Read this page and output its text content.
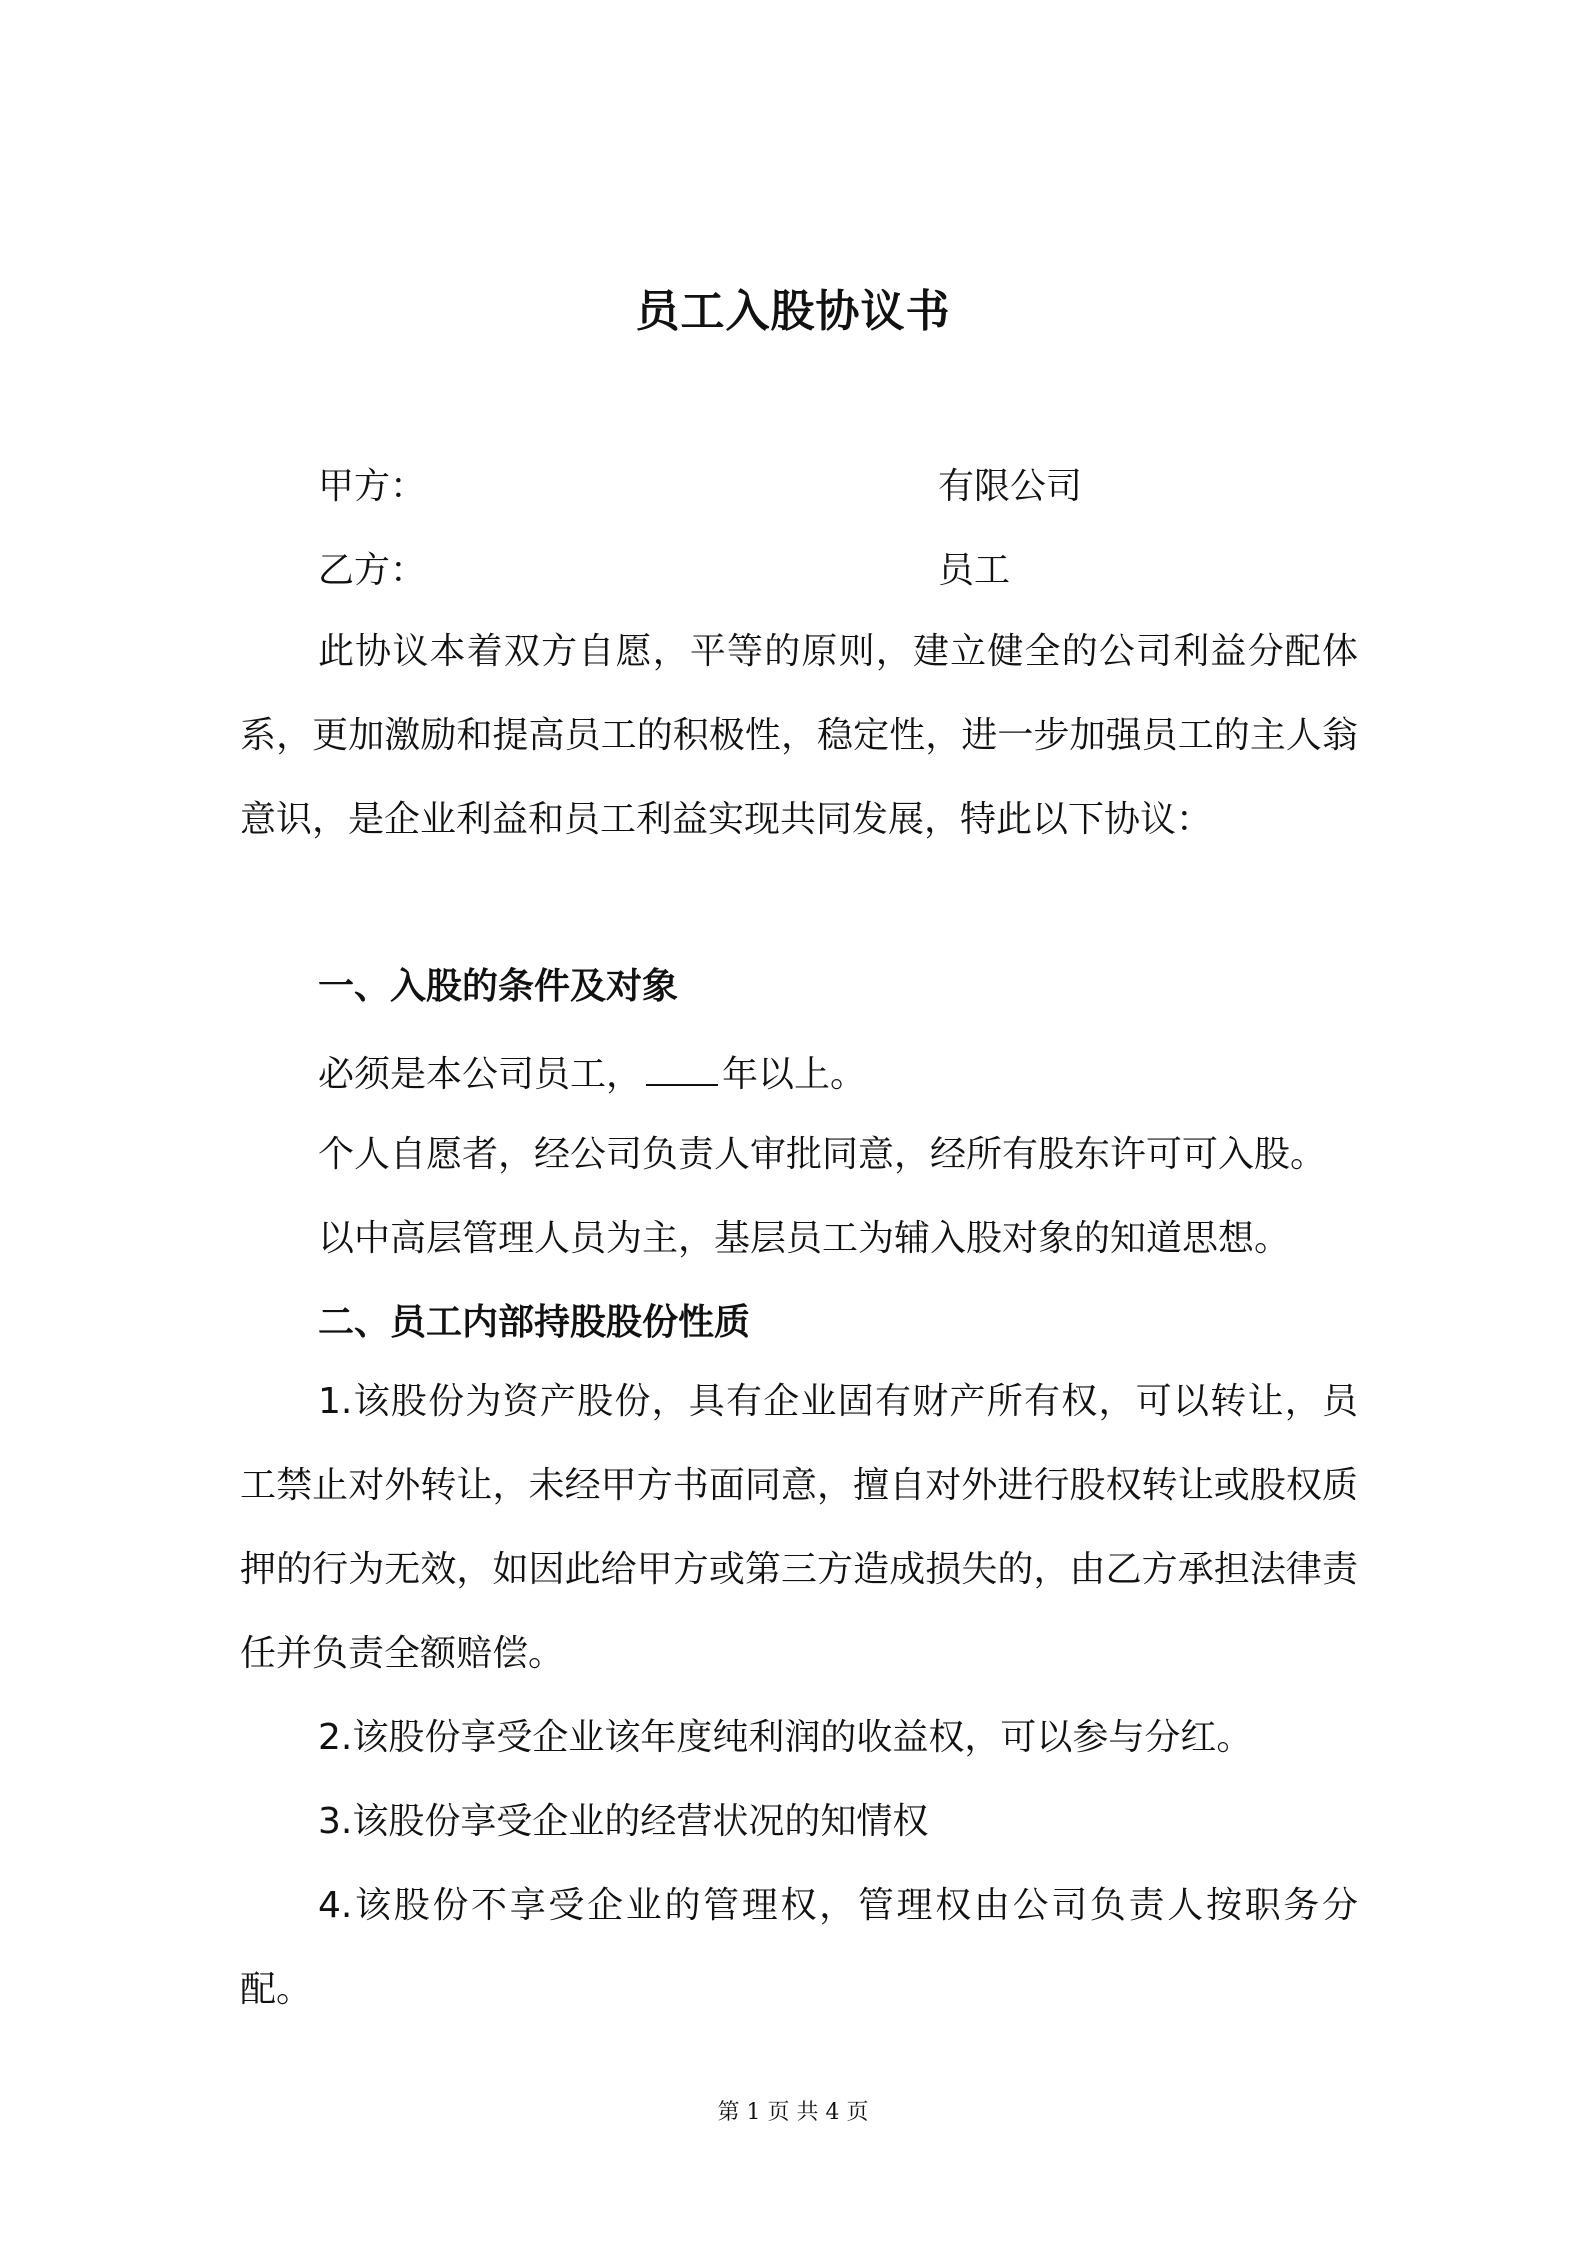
员工入股协议书
甲方：	有限公司
乙方：	员工

此协议本着双方自愿，平等的原则，建立健全的公司利益分配体系，更加激励和提高员工的积极性，稳定性，进一步加强员工的主人翁意识，是企业利益和员工利益实现共同发展，特此以下协议：

一、入股的条件及对象
必须是本公司员工， 年以上。
个人自愿者，经公司负责人审批同意，经所有股东许可可入股。
以中高层管理人员为主，基层员工为辅入股对象的知道思想。
二、员工内部持股股份性质

1.该股份为资产股份，具有企业固有财产所有权，可以转让，员工禁止对外转让，未经甲方书面同意，擅自对外进行股权转让或股权质押的行为无效，如因此给甲方或第三方造成损失的，由乙方承担法律责任并负责全额赔偿。

2.该股份享受企业该年度纯利润的收益权，可以参与分红。

3.该股份享受企业的经营状况的知情权

4.该股份不享受企业的管理权，管理权由公司负责人按职务分配。

第 1 页 共 4 页
